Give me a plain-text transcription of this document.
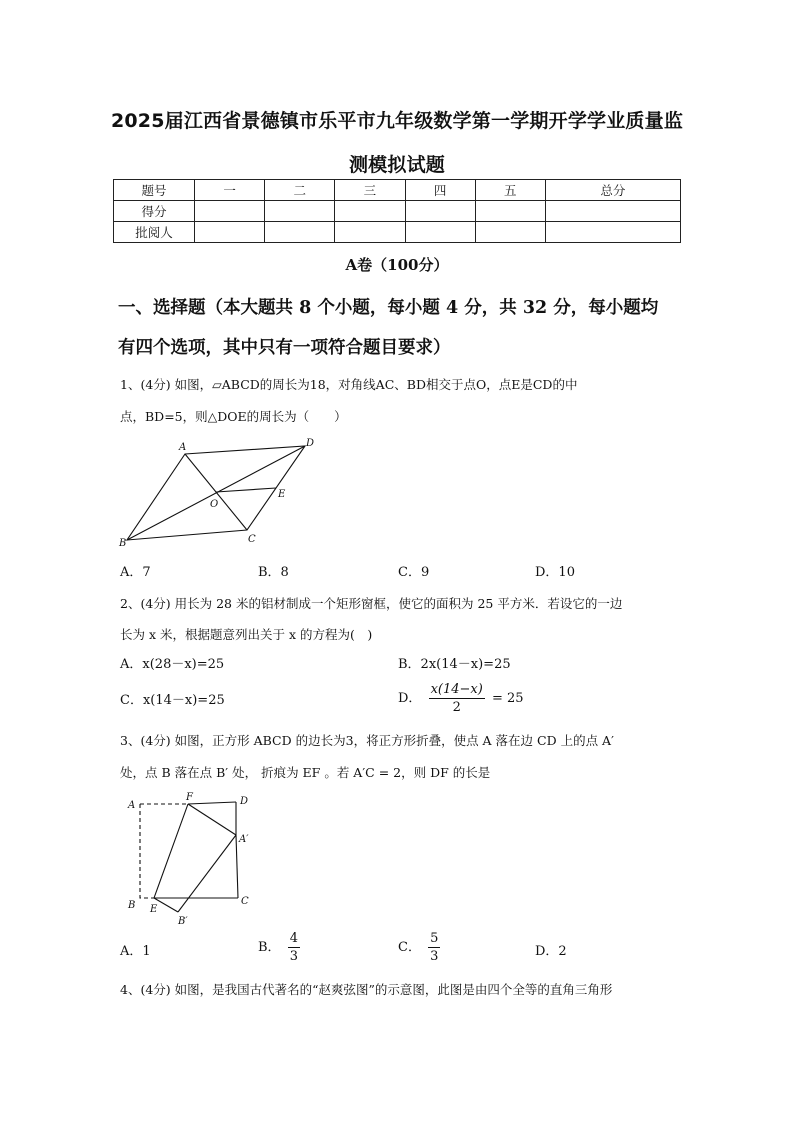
2025届江西省景德镇市乐平市九年级数学第一学期开学学业质量监
测模拟试题
题号	一	二	三	四	五	总分
得分						
批阅人						
A卷（100分）
一、选择题（本大题共 8 个小题，每小题 4 分，共 32 分，每小题均
有四个选项，其中只有一项符合题目要求）
1、(4分) 如图，▱ABCD的周长为18，对角线AC、BD相交于点O，点E是CD的中
点，BD=5，则△DOE的周长为（　　）
A	D
O
E
B	C
A．7	B．8	C．9	D．10
2、(4分) 用长为 28 米的铝材制成一个矩形窗框，使它的面积为 25 平方米．若设它的一边
长为 x 米，根据题意列出关于 x 的方程为(　)
A．x(28－x)=25	B．2x(14－x)=25
C．x(14－x)=25	D． $\frac{x(14-x)}{2} = 25$
3、(4分) 如图，正方形 ABCD 的边长为3，将正方形折叠，使点 A 落在边 CD 上的点 A′
处，点 B 落在点 B′ 处， 折痕为 EF 。若 A′C = 2，则 DF 的长是
A
F	D
A′
B E
C
B′
A．1	B． $\frac{4}{3}$	C． $\frac{5}{3}$	D．2
4、(4分) 如图，是我国古代著名的“赵爽弦图”的示意图，此图是由四个全等的直角三角形
